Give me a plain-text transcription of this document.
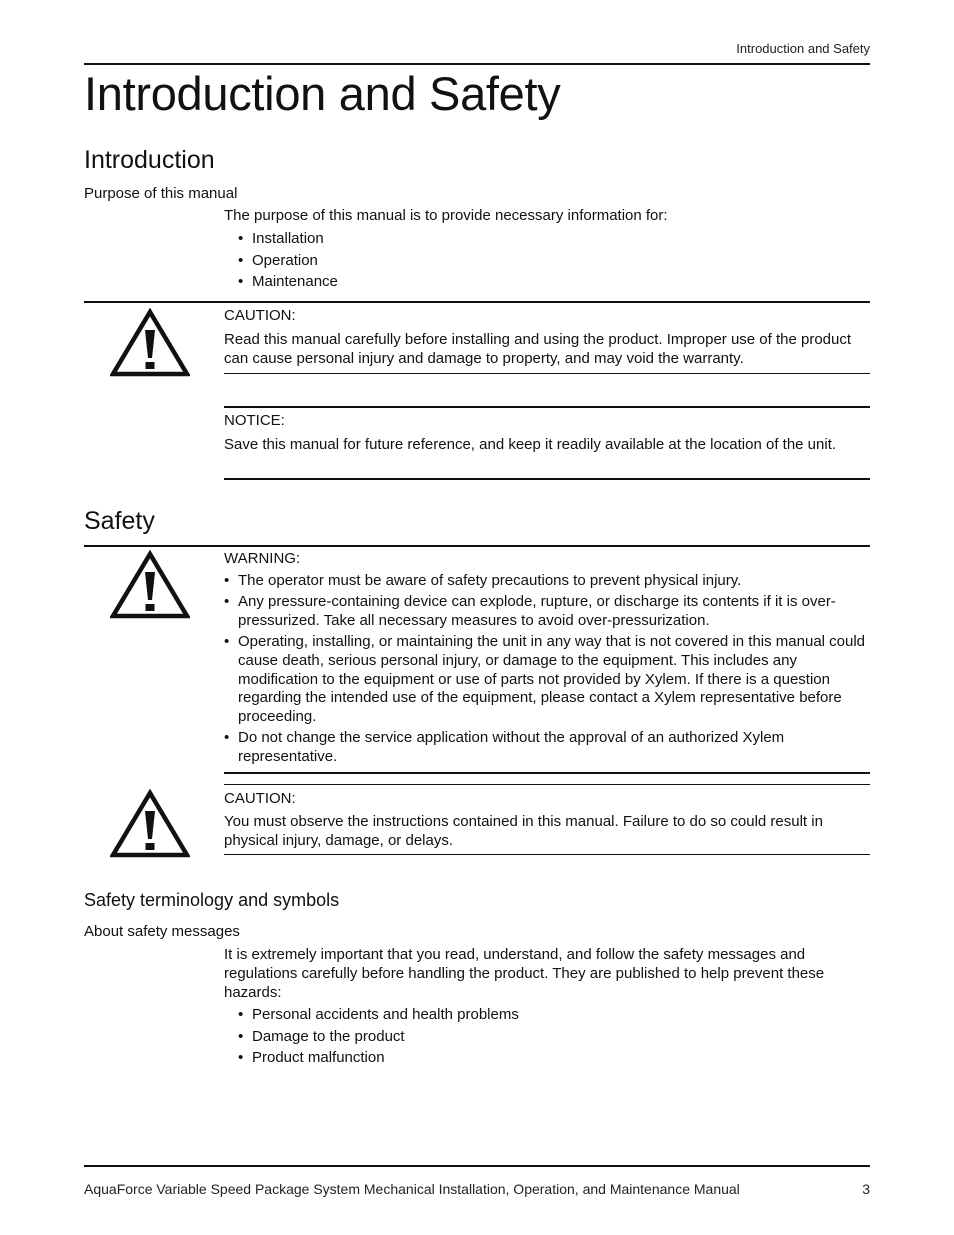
Introduction and Safety
Introduction and Safety
Introduction
Purpose of this manual
The purpose of this manual is to provide necessary information for:
• Installation
• Operation
• Maintenance
CAUTION:
Read this manual carefully before installing and using the product. Improper use of the product can cause personal injury and damage to property, and may void the warranty.
NOTICE:
Save this manual for future reference, and keep it readily available at the location of the unit.
Safety
WARNING:
• The operator must be aware of safety precautions to prevent physical injury.
• Any pressure-containing device can explode, rupture, or discharge its contents if it is over-pressurized. Take all necessary measures to avoid over-pressurization.
• Operating, installing, or maintaining the unit in any way that is not covered in this manual could cause death, serious personal injury, or damage to the equipment. This includes any modification to the equipment or use of parts not provided by Xylem. If there is a question regarding the intended use of the equipment, please contact a Xylem representative before proceeding.
• Do not change the service application without the approval of an authorized Xylem representative.
CAUTION:
You must observe the instructions contained in this manual. Failure to do so could result in physical injury, damage, or delays.
Safety terminology and symbols
About safety messages
It is extremely important that you read, understand, and follow the safety messages and regulations carefully before handling the product. They are published to help prevent these hazards:
• Personal accidents and health problems
• Damage to the product
• Product malfunction
AquaForce Variable Speed Package System Mechanical Installation, Operation, and Maintenance Manual	3
